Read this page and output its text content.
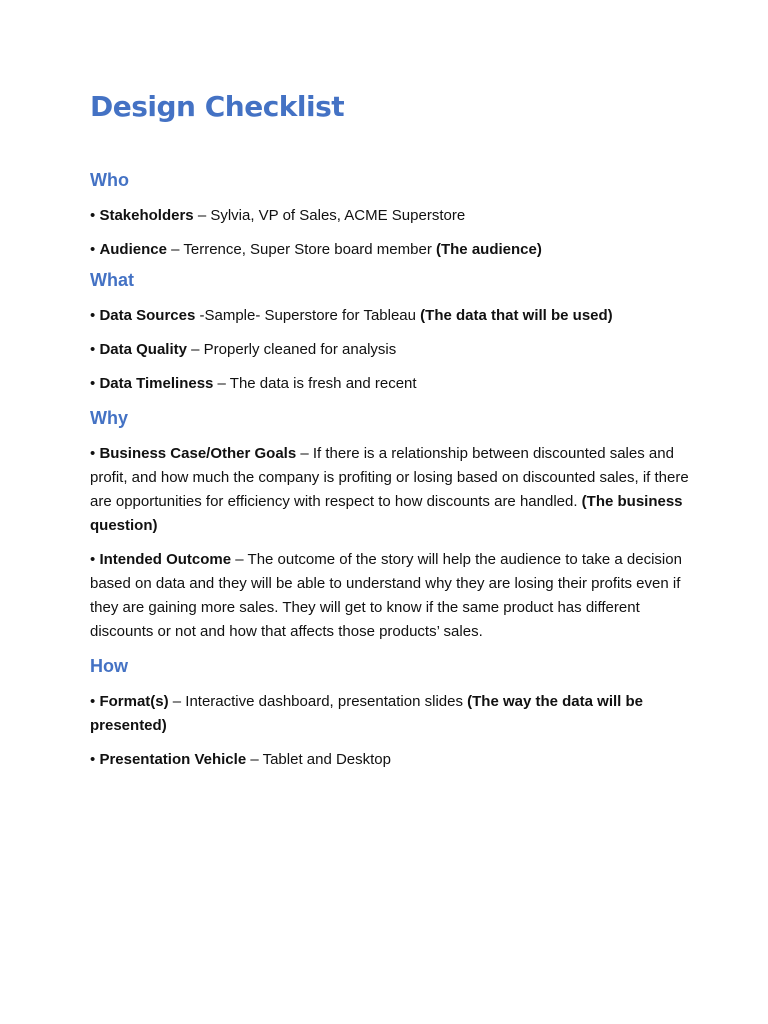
Design Checklist
Who

• Stakeholders – Sylvia, VP of Sales, ACME Superstore

• Audience – Terrence, Super Store board member (The audience)

What

• Data Sources -Sample- Superstore for Tableau (The data that will be used)

• Data Quality – Properly cleaned for analysis

• Data Timeliness – The data is fresh and recent

Why

• Business Case/Other Goals – If there is a relationship between discounted sales and profit, and how much the company is profiting or losing based on discounted sales, if there are opportunities for efficiency with respect to how discounts are handled. (The business question)

• Intended Outcome – The outcome of the story will help the audience to take a decision based on data and they will be able to understand why they are losing their profits even if they are gaining more sales. They will get to know if the same product has different discounts or not and how that affects those products’ sales.

How

• Format(s) – Interactive dashboard, presentation slides (The way the data will be presented)

• Presentation Vehicle – Tablet and Desktop
